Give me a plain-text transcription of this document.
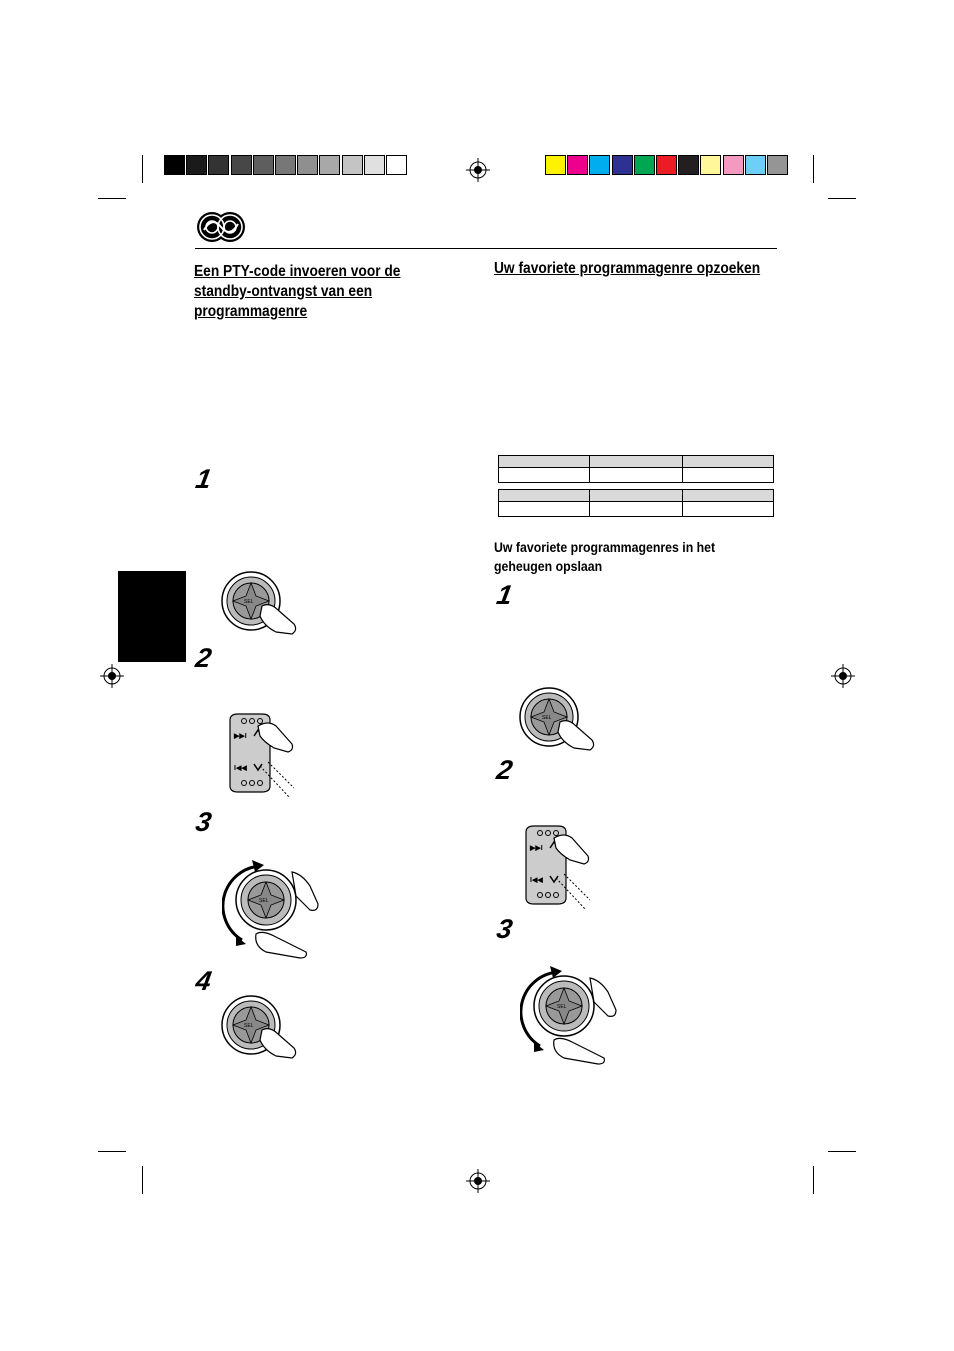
Een PTY-code invoeren voor de
standby-ontvangst van een
programmagenre
1
2
3
4
SEL
▶▶I
I◀◀
SEL
SEL
Uw favoriete programmagenre opzoeken

Uw favoriete programmagenres in het
geheugen opslaan
1
2
3
SEL
▶▶I
I◀◀
SEL
